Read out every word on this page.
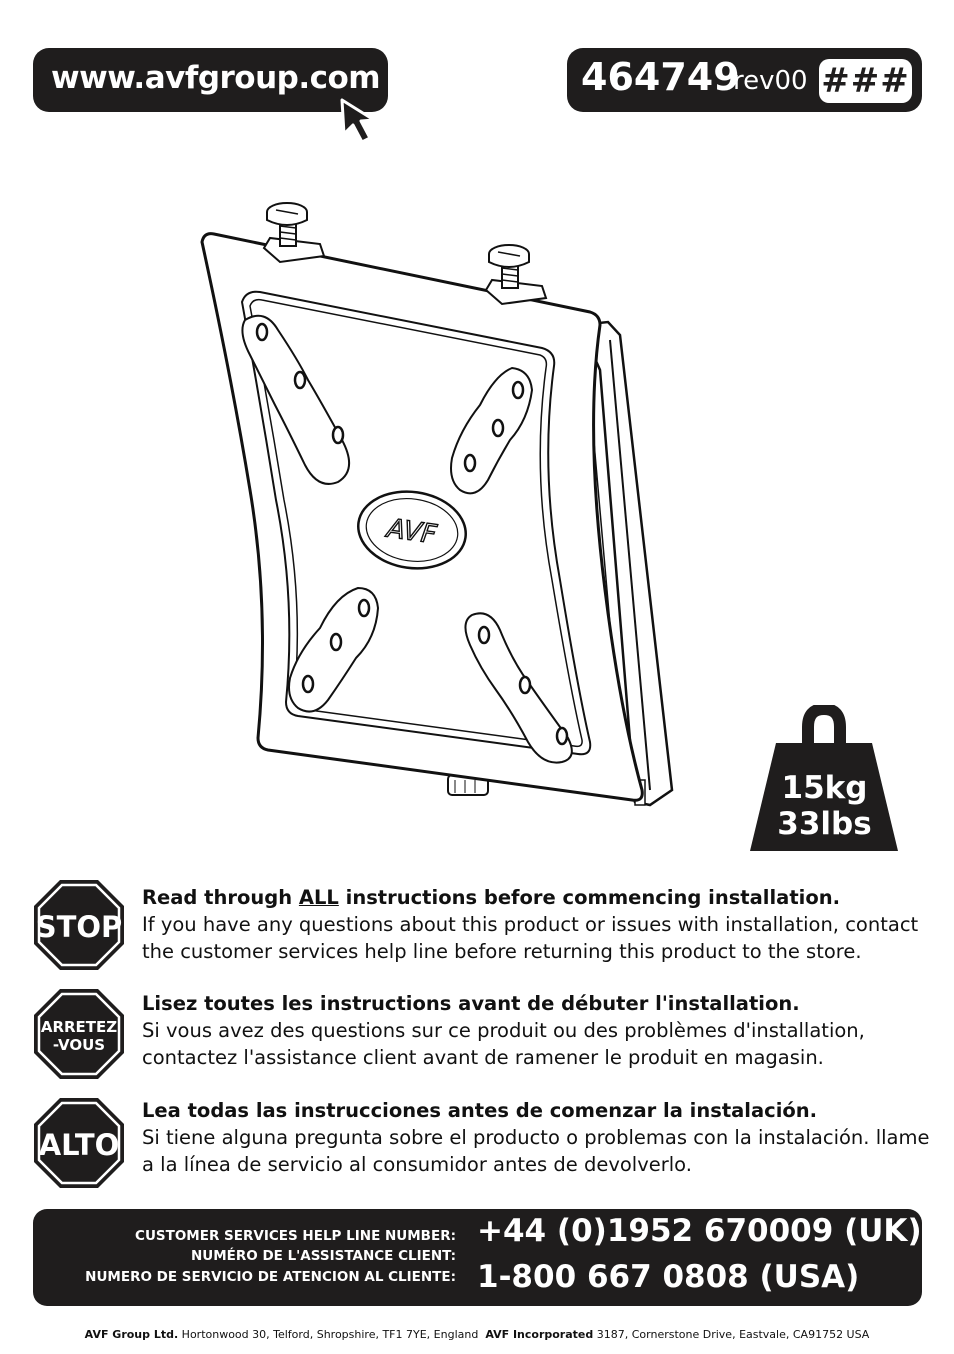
www.avfgroup.com	464749
rev00 ###
AVF
15kg
33lbs
STOP
Read through ALL instructions before commencing installation.
If you have any questions about this product or issues with installation, contact the customer services help line before returning this product to the store.
ARRETEZ
-VOUS
Lisez toutes les instructions avant de débuter l'installation.
Si vous avez des questions sur ce produit ou des problèmes d'installation, contactez l'assistance client avant de ramener le produit en magasin.
ALTO
Lea todas las instrucciones antes de comenzar la instalación.
Si tiene alguna pregunta sobre el producto o problemas con la instalación. llame a la línea de servicio al consumidor antes de devolverlo.
CUSTOMER SERVICES HELP LINE NUMBER:
NUMÉRO DE L'ASSISTANCE CLIENT:
NUMERO DE SERVICIO DE ATENCION AL CLIENTE:
+44 (0)1952 670009 (UK)
1-800 667 0808 (USA)
AVF Group Ltd. Hortonwood 30, Telford, Shropshire, TF1 7YE, England AVF Incorporated 3187, Cornerstone Drive, Eastvale, CA91752 USA
